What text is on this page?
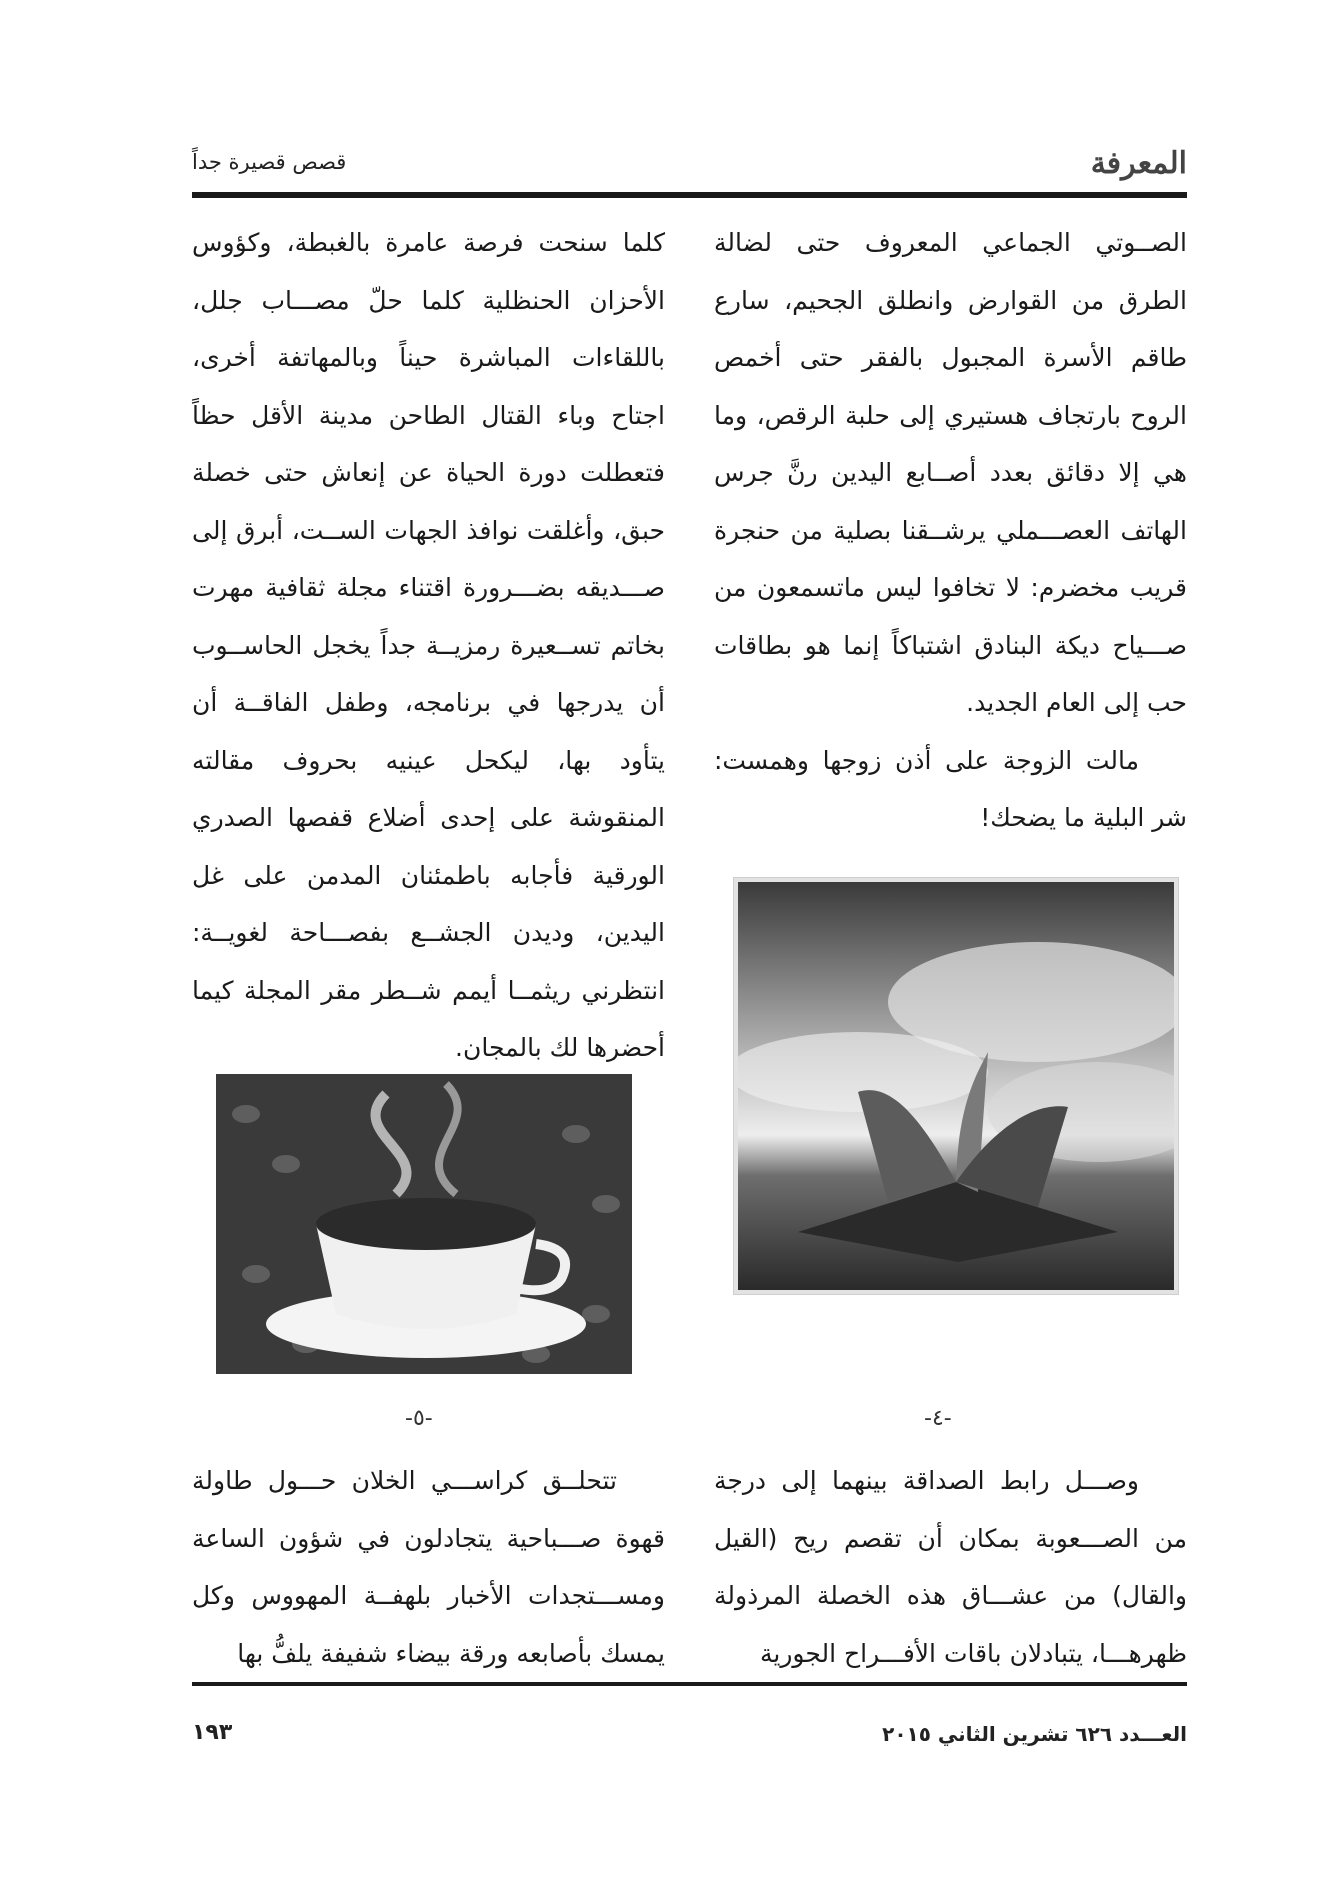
المعرفة
قصص قصيرة جداً

الصــوتي الجماعي المعروف حتى لضالة الطرق من القوارض وانطلق الجحيم، سارع طاقم الأسرة المجبول بالفقر حتى أخمص الروح بارتجاف هستيري إلى حلبة الرقص، وما هي إلا دقائق بعدد أصــابع اليدين رنَّ جرس الهاتف العصـــملي يرشــقنا بصلية من حنجرة قريب مخضرم: لا تخافوا ليس ماتسمعون من صـــياح ديكة البنادق اشتباكاً إنما هو بطاقات حب إلى العام الجديد.

مالت الزوجة على أذن زوجها وهمست: شر البلية ما يضحك!

كلما سنحت فرصة عامرة بالغبطة، وكؤوس الأحزان الحنظلية كلما حلّ مصـــاب جلل، باللقاءات المباشرة حيناً وبالمهاتفة أخرى، اجتاح وباء القتال الطاحن مدينة الأقل حظاً فتعطلت دورة الحياة عن إنعاش حتى خصلة حبق، وأغلقت نوافذ الجهات الســت، أبرق إلى صـــديقه بضـــرورة اقتناء مجلة ثقافية مهرت بخاتم تســعيرة رمزيــة جداً يخجل الحاســوب أن يدرجها في برنامجه، وطفل الفاقــة أن يتأود بها، ليكحل عينيه بحروف مقالته المنقوشة على إحدى أضلاع قفصها الصدري الورقية فأجابه باطمئنان المدمن على غل اليدين، وديدن الجشــع بفصـــاحة لغويــة: انتظرني ريثمــا أيمم شــطر مقر المجلة كيما أحضرها لك بالمجان.

-٤-
-٥-

وصـــل رابط الصداقة بينهما إلى درجة من الصـــعوبة بمكان أن تقصم ريح (القيل والقال) من عشـــاق هذه الخصلة المرذولة ظهرهـــا، يتبادلان باقات الأفـــراح الجورية

تتحلــق كراســـي الخلان حـــول طاولة قهوة صـــباحية يتجادلون في شؤون الساعة ومســـتجدات الأخبار بلهفــة المهووس وكل يمسك بأصابعه ورقة بيضاء شفيفة يلفُّ بها

العـــدد ٦٢٦ تشرين الثاني ٢٠١٥
١٩٣
